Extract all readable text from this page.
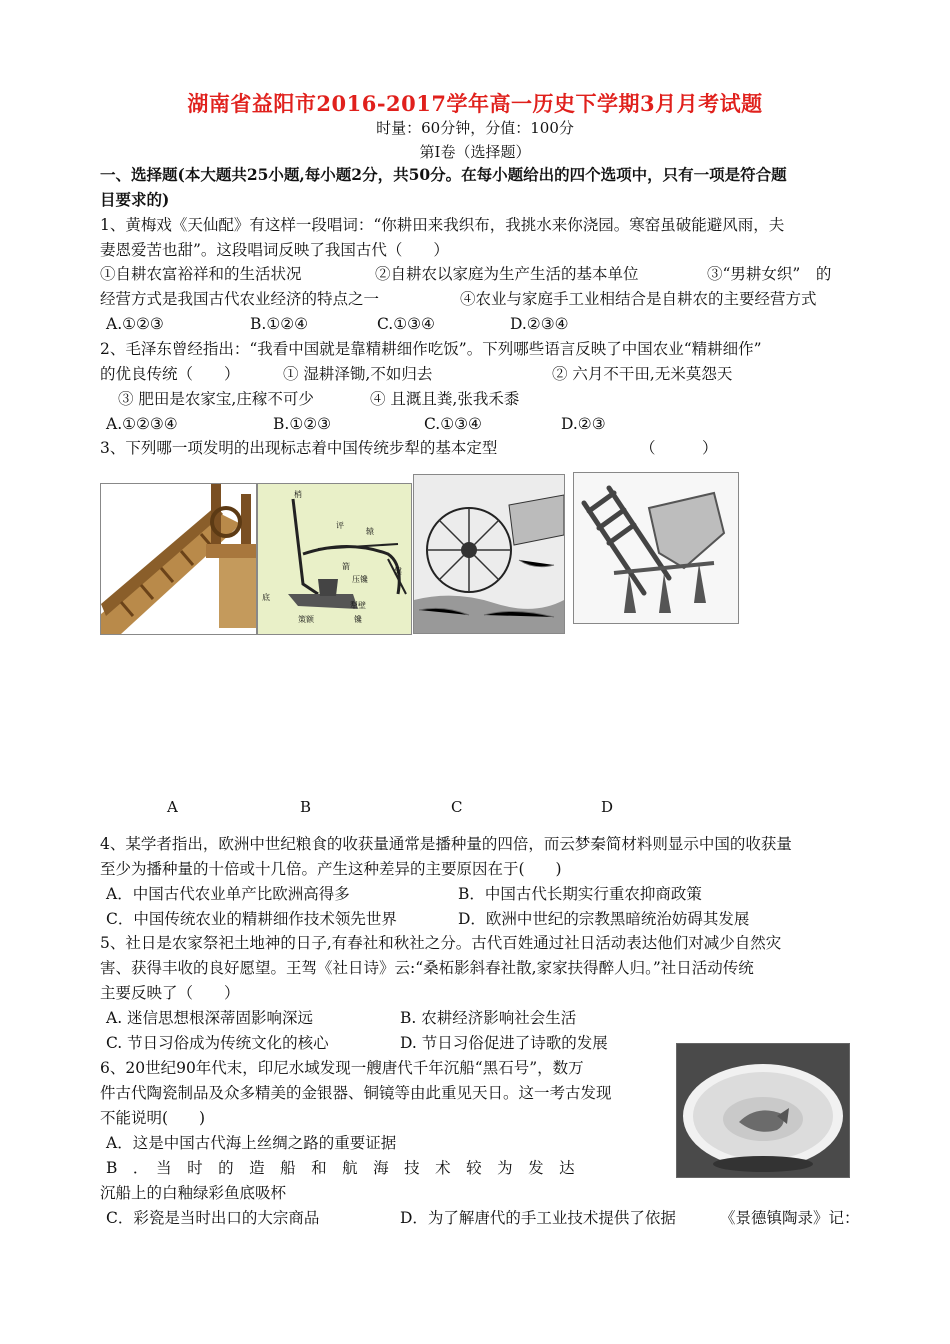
湖南省益阳市2016-2017学年高一历史下学期3月月考试题
时量：60分钟，分值：100分
第Ⅰ卷（选择题）
一、选择题(本大题共25小题,每小题2分，共50分。在每小题给出的四个选项中，只有一项是符合题
目要求的)
1、黄梅戏《天仙配》有这样一段唱词：“你耕田来我织布，我挑水来你浇园。寒窑虽破能避风雨，夫
妻恩爱苦也甜”。这段唱词反映了我国古代（　　）
①自耕农富裕祥和的生活状况	②自耕农以家庭为生产生活的基本单位	③“男耕女织”　的
经营方式是我国古代农业经济的特点之一	④农业与家庭手工业相结合是自耕农的主要经营方式
A.①②③	B.①②④	C.①③④	D.②③④
2、毛泽东曾经指出：“我看中国就是靠精耕细作吃饭”。下列哪些语言反映了中国农业“精耕细作”
的优良传统（　　）	① 湿耕泽锄,不如归去	② 六月不干田,无米莫怨天
③ 肥田是农家宝,庄稼不可少	④ 且溉且粪,张我禾黍
A.①②③④	B.①②③	C.①③④	D.②③
3、下列哪一项发明的出现标志着中国传统步犁的基本定型	（　　　）
梢
评
箭
辕
压镵
槃
底
犁壁
镵
策额
A	B	C	D
4、某学者指出，欧洲中世纪粮食的收获量通常是播种量的四倍，而云梦秦简材料则显示中国的收获量
至少为播种量的十倍或十几倍。产生这种差异的主要原因在于(　　)
A．中国古代农业单产比欧洲高得多	B．中国古代长期实行重农抑商政策
C．中国传统农业的精耕细作技术领先世界	D．欧洲中世纪的宗教黑暗统治妨碍其发展
5、社日是农家祭祀土地神的日子,有春社和秋社之分。古代百姓通过社日活动表达他们对减少自然灾
害、获得丰收的良好愿望。王驾《社日诗》云:“桑柘影斜春社散,家家扶得醉人归。”社日活动传统
主要反映了（　　）
A. 迷信思想根深蒂固影响深远	B. 农耕经济影响社会生活
C. 节日习俗成为传统文化的核心	D. 节日习俗促进了诗歌的发展
6、20世纪90年代末，印尼水域发现一艘唐代千年沉船“黑石号”，数万
件古代陶瓷制品及众多精美的金银器、铜镜等由此重见天日。这一考古发现
不能说明(　　)
A．这是中国古代海上丝绸之路的重要证据
B　．　当　时　的　造　船　和　航　海　技　术　较　为　发　达
沉船上的白釉绿彩鱼底吸杯
C．彩瓷是当时出口的大宗商品	D．为了解唐代的手工业技术提供了依据	《景德镇陶录》记：
